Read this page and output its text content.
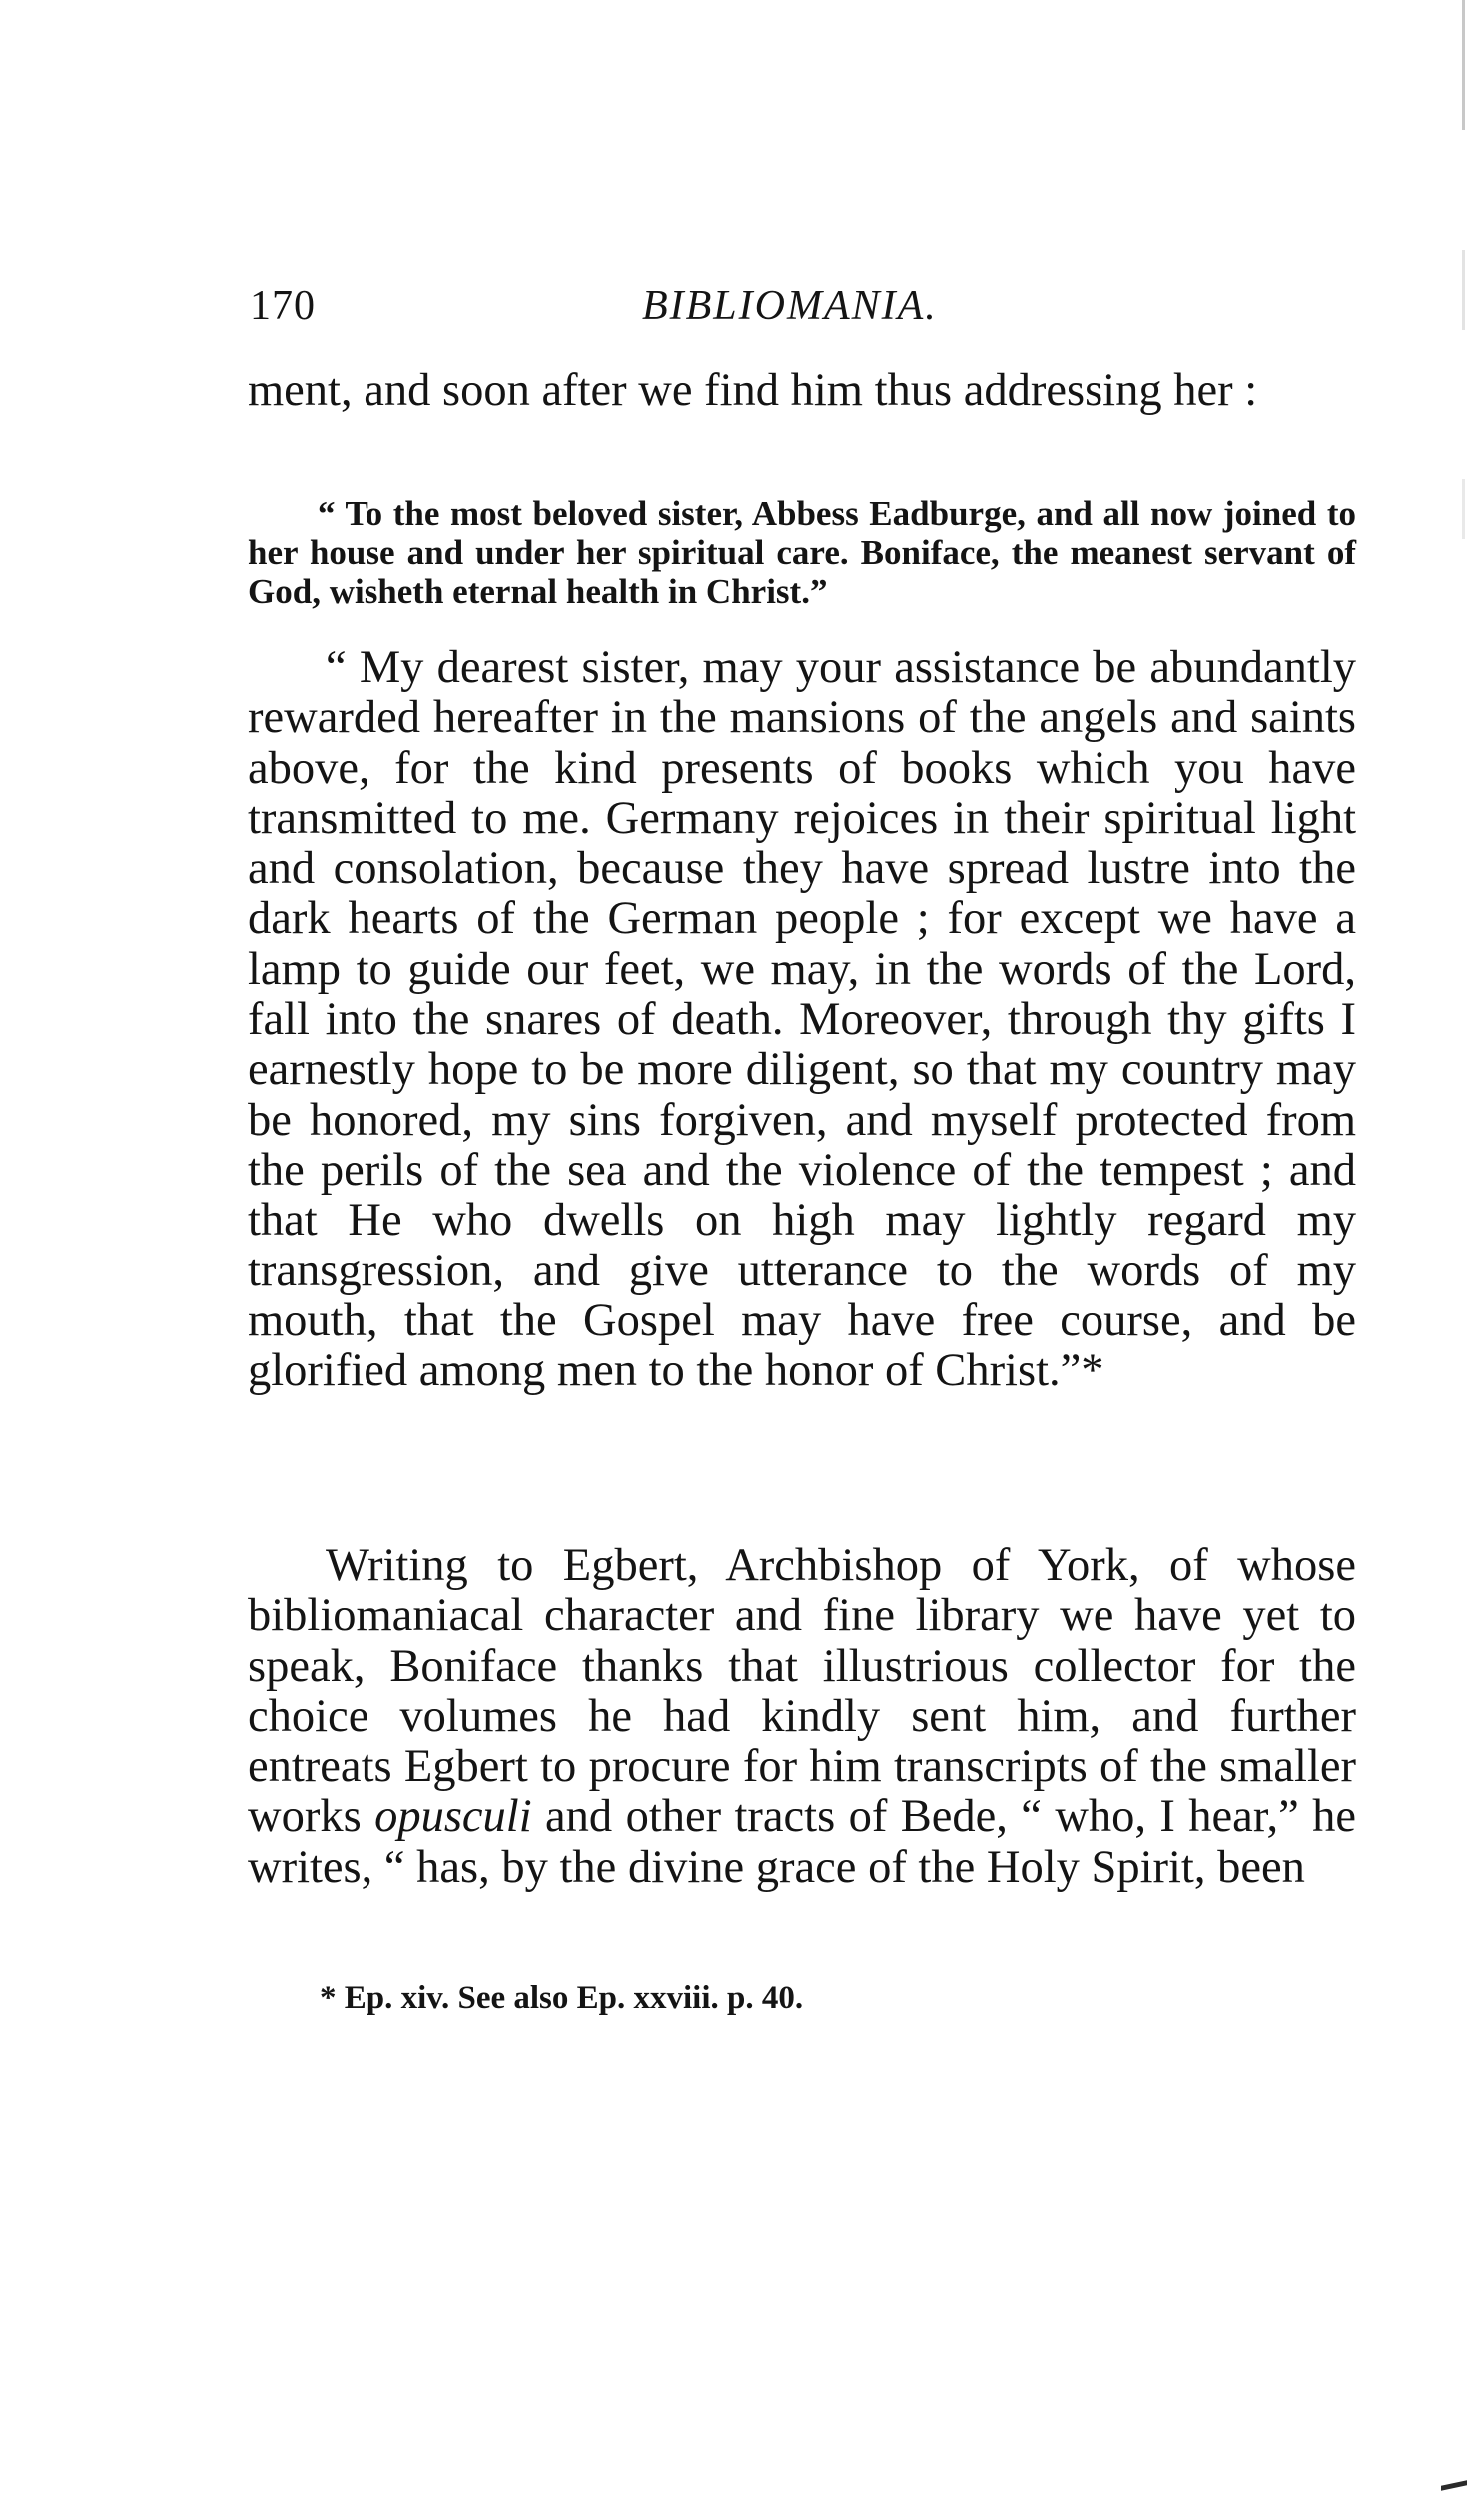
170	BIBLIOMANIA.

ment, and soon after we find him thus addressing her :

“ To the most beloved sister, Abbess Eadburge, and all now joined to her house and under her spiritual care. Boniface, the meanest servant of God, wisheth eternal health in Christ.”

“ My dearest sister, may your assistance be abundantly rewarded hereafter in the mansions of the angels and saints above, for the kind presents of books which you have transmitted to me. Germany rejoices in their spiritual light and consolation, because they have spread lustre into the dark hearts of the German people ; for except we have a lamp to guide our feet, we may, in the words of the Lord, fall into the snares of death. Moreover, through thy gifts I earnestly hope to be more diligent, so that my country may be honored, my sins forgiven, and myself protected from the perils of the sea and the violence of the tempest ; and that He who dwells on high may lightly regard my transgression, and give utterance to the words of my mouth, that the Gospel may have free course, and be glorified among men to the honor of Christ.”*

Writing to Egbert, Archbishop of York, of whose bibliomaniacal character and fine library we have yet to speak, Boniface thanks that illustrious collector for the choice volumes he had kindly sent him, and further entreats Egbert to procure for him transcripts of the smaller works opusculi and other tracts of Bede, “ who, I hear,” he writes, “ has, by the divine grace of the Holy Spirit, been

* Ep. xiv. See also Ep. xxviii. p. 40.
